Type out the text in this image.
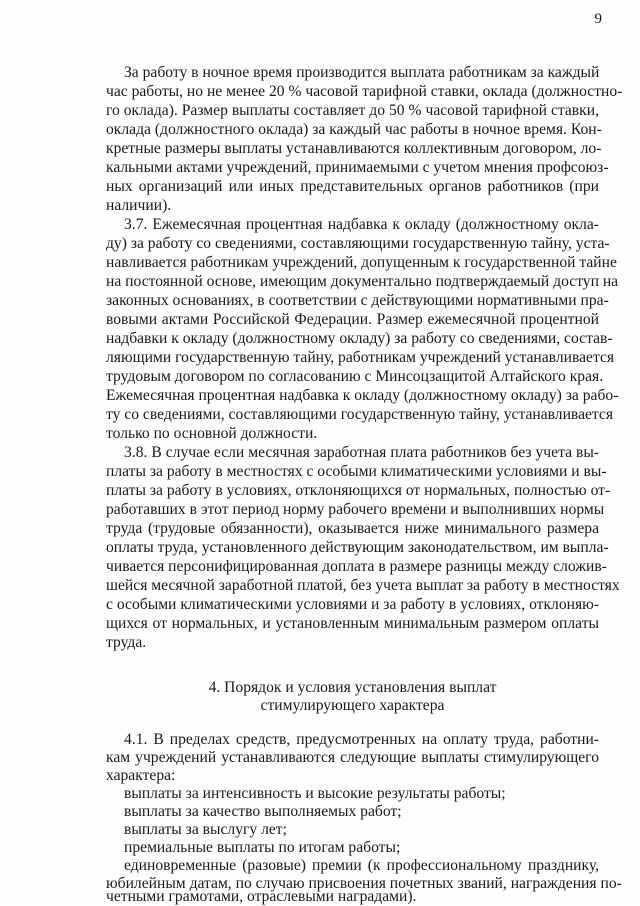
9
За работу в ночное время производится выплата работникам за каждый
час работы, но не менее 20 % часовой тарифной ставки, оклада (должностно-
го оклада). Размер выплаты составляет до 50 % часовой тарифной ставки,
оклада (должностного оклада) за каждый час работы в ночное время. Кон-
кретные размеры выплаты устанавливаются коллективным договором, ло-
кальными актами учреждений, принимаемыми с учетом мнения профсоюз-
ных организаций или иных представительных органов работников (при
наличии).
3.7. Ежемесячная процентная надбавка к окладу (должностному окла-
ду) за работу со сведениями, составляющими государственную тайну, уста-
навливается работникам учреждений, допущенным к государственной тайне
на постоянной основе, имеющим документально подтверждаемый доступ на
законных основаниях, в соответствии с действующими нормативными пра-
вовыми актами Российской Федерации. Размер ежемесячной процентной
надбавки к окладу (должностному окладу) за работу со сведениями, состав-
ляющими государственную тайну, работникам учреждений устанавливается
трудовым договором по согласованию с Минсоцзащитой Алтайского края.
Ежемесячная процентная надбавка к окладу (должностному окладу) за рабо-
ту со сведениями, составляющими государственную тайну, устанавливается
только по основной должности.
3.8. В случае если месячная заработная плата работников без учета вы-
платы за работу в местностях с особыми климатическими условиями и вы-
платы за работу в условиях, отклоняющихся от нормальных, полностью от-
работавших в этот период норму рабочего времени и выполнивших нормы
труда (трудовые обязанности), оказывается ниже минимального размера
оплаты труда, установленного действующим законодательством, им выпла-
чивается персонифицированная доплата в размере разницы между сложив-
шейся месячной заработной платой, без учета выплат за работу в местностях
с особыми климатическими условиями и за работу в условиях, отклоняю-
щихся от нормальных, и установленным минимальным размером оплаты
труда.
4. Порядок и условия установления выплат
стимулирующего характера
4.1. В пределах средств, предусмотренных на оплату труда, работни-
кам учреждений устанавливаются следующие выплаты стимулирующего
характера:
выплаты за интенсивность и высокие результаты работы;
выплаты за качество выполняемых работ;
выплаты за выслугу лет;
премиальные выплаты по итогам работы;
единовременные (разовые) премии (к профессиональному празднику,
юбилейным датам, по случаю присвоения почетных званий, награждения по-
четными грамотами, отраслевыми наградами).
